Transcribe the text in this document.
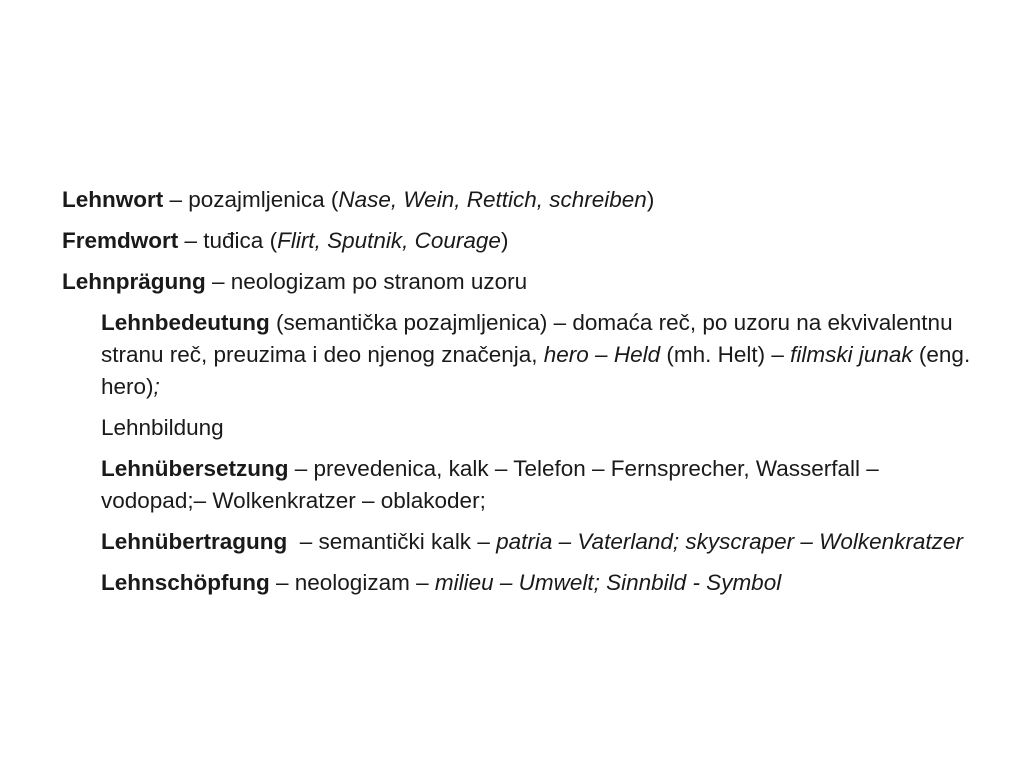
Lehnwort – pozajmljenica (Nase, Wein, Rettich, schreiben)

Fremdwort – tuđica (Flirt, Sputnik, Courage)

Lehnprägung – neologizam po stranom uzoru

Lehnbedeutung (semantička pozajmljenica) – domaća reč, po uzoru na ekvivalentnu stranu reč, preuzima i deo njenog značenja, hero – Held (mh. Helt) – filmski junak (eng. hero);

Lehnbildung

Lehnübersetzung – prevedenica, kalk – Telefon – Fernsprecher, Wasserfall – vodopad;– Wolkenkratzer – oblakoder;

Lehnübertragung  – semantički kalk – patria – Vaterland; skyscraper – Wolkenkratzer

Lehnschöpfung – neologizam – milieu – Umwelt; Sinnbild - Symbol
